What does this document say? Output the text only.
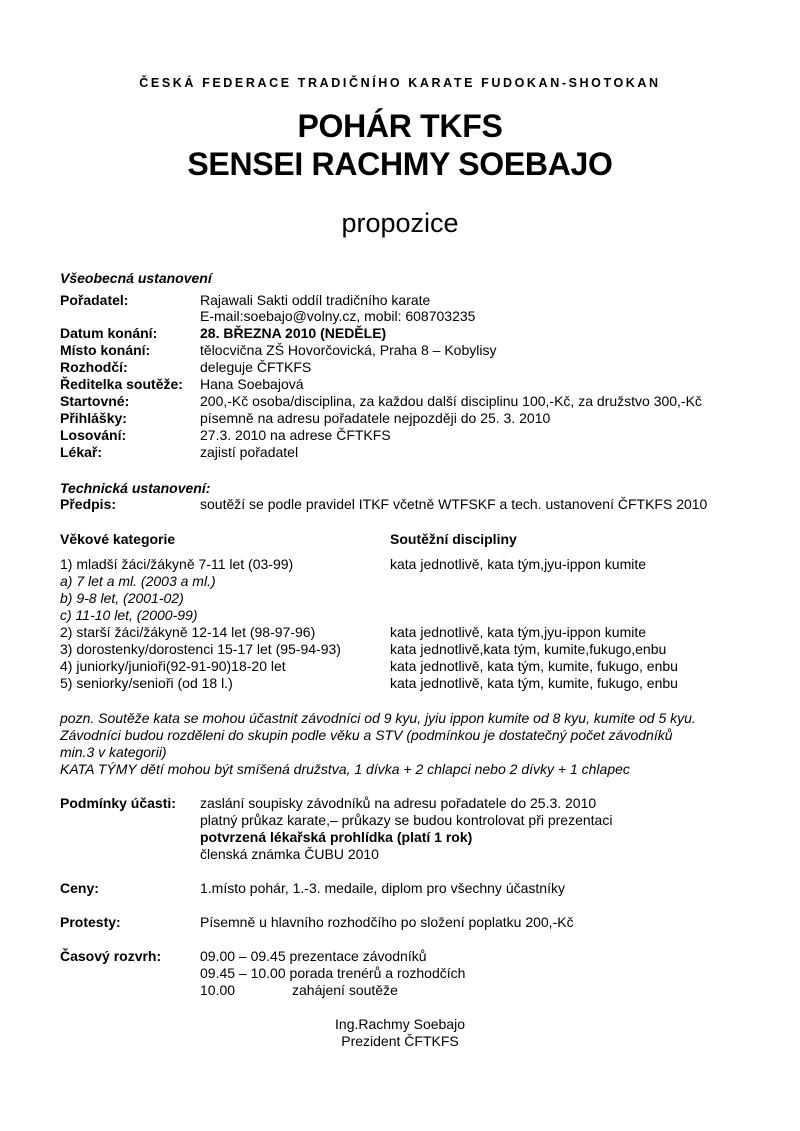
ČESKÁ FEDERACE TRADIČNÍHO KARATE FUDOKAN-SHOTOKAN
POHÁR TKFS
SENSEI RACHMY SOEBAJO
propozice
Všeobecná ustanovení
Pořadatel:	Rajawali Sakti oddíl tradičního karate
E-mail:soebajo@volny.cz, mobil: 608703235
Datum konání:	28. BŘEZNA 2010 (NEDĚLE)
Místo konání:	tělocvična ZŠ Hovorčovická, Praha 8 – Kobylisy
Rozhodčí:	deleguje ČFTKFS
Ředitelka soutěže: Hana Soebajová
Startovné:	200,-Kč osoba/disciplina, za každou další disciplinu 100,-Kč, za družstvo 300,-Kč
Přihlášky:	písemně na adresu pořadatele nejpozději do 25. 3. 2010
Losování:	27.3. 2010 na adrese ČFTKFS
Lékař:	zajistí pořadatel
Technická ustanovení:
Předpis:	soutěží se podle pravidel ITKF včetně WTFSKF a tech. ustanovení ČFTKFS 2010
Věkové kategorie	Soutěžní discipliny
1) mladší žáci/žákyně 7-11 let (03-99)	kata jednotlivě, kata tým,jyu-ippon kumite
a) 7 let a ml. (2003 a ml.)
b) 9-8 let, (2001-02)
c) 11-10 let, (2000-99)
2) starší žáci/žákyně 12-14 let (98-97-96)	kata jednotlivě, kata tým,jyu-ippon kumite
3) dorostenky/dorostenci 15-17 let (95-94-93)	kata jednotlivě,kata tým, kumite,fukugo,enbu
4) juniorky/junioři(92-91-90)18-20 let	kata jednotlivě, kata tým, kumite, fukugo, enbu
5) seniorky/senioři (od 18 l.)	kata jednotlivě, kata tým, kumite, fukugo, enbu
pozn. Soutěže kata se mohou účastnit závodníci od 9 kyu, jyiu ippon kumite od 8 kyu, kumite od 5 kyu.
Závodníci budou rozděleni do skupin podle věku a STV (podmínkou je dostatečný počet závodníků
min.3 v kategorii)
KATA TÝMY dětí mohou být smíšená družstva, 1 dívka + 2 chlapci nebo 2 dívky + 1 chlapec
Podmínky účasti: zaslání soupisky závodníků na adresu pořadatele do 25.3. 2010
platný průkaz karate,– průkazy se budou kontrolovat při prezentaci
potvrzená lékařská prohlídka (platí 1 rok)
členská známka ČUBU 2010
Ceny:	1.místo pohár, 1.-3. medaile, diplom pro všechny účastníky
Protesty:	Písemně u hlavního rozhodčího po složení poplatku 200,-Kč
Časový rozvrh:	09.00 – 09.45 prezentace závodníků
09.45 – 10.00 porada trenérů a rozhodčích
10.00	zahájení soutěže
Ing.Rachmy Soebajo
Prezident ČFTKFS
